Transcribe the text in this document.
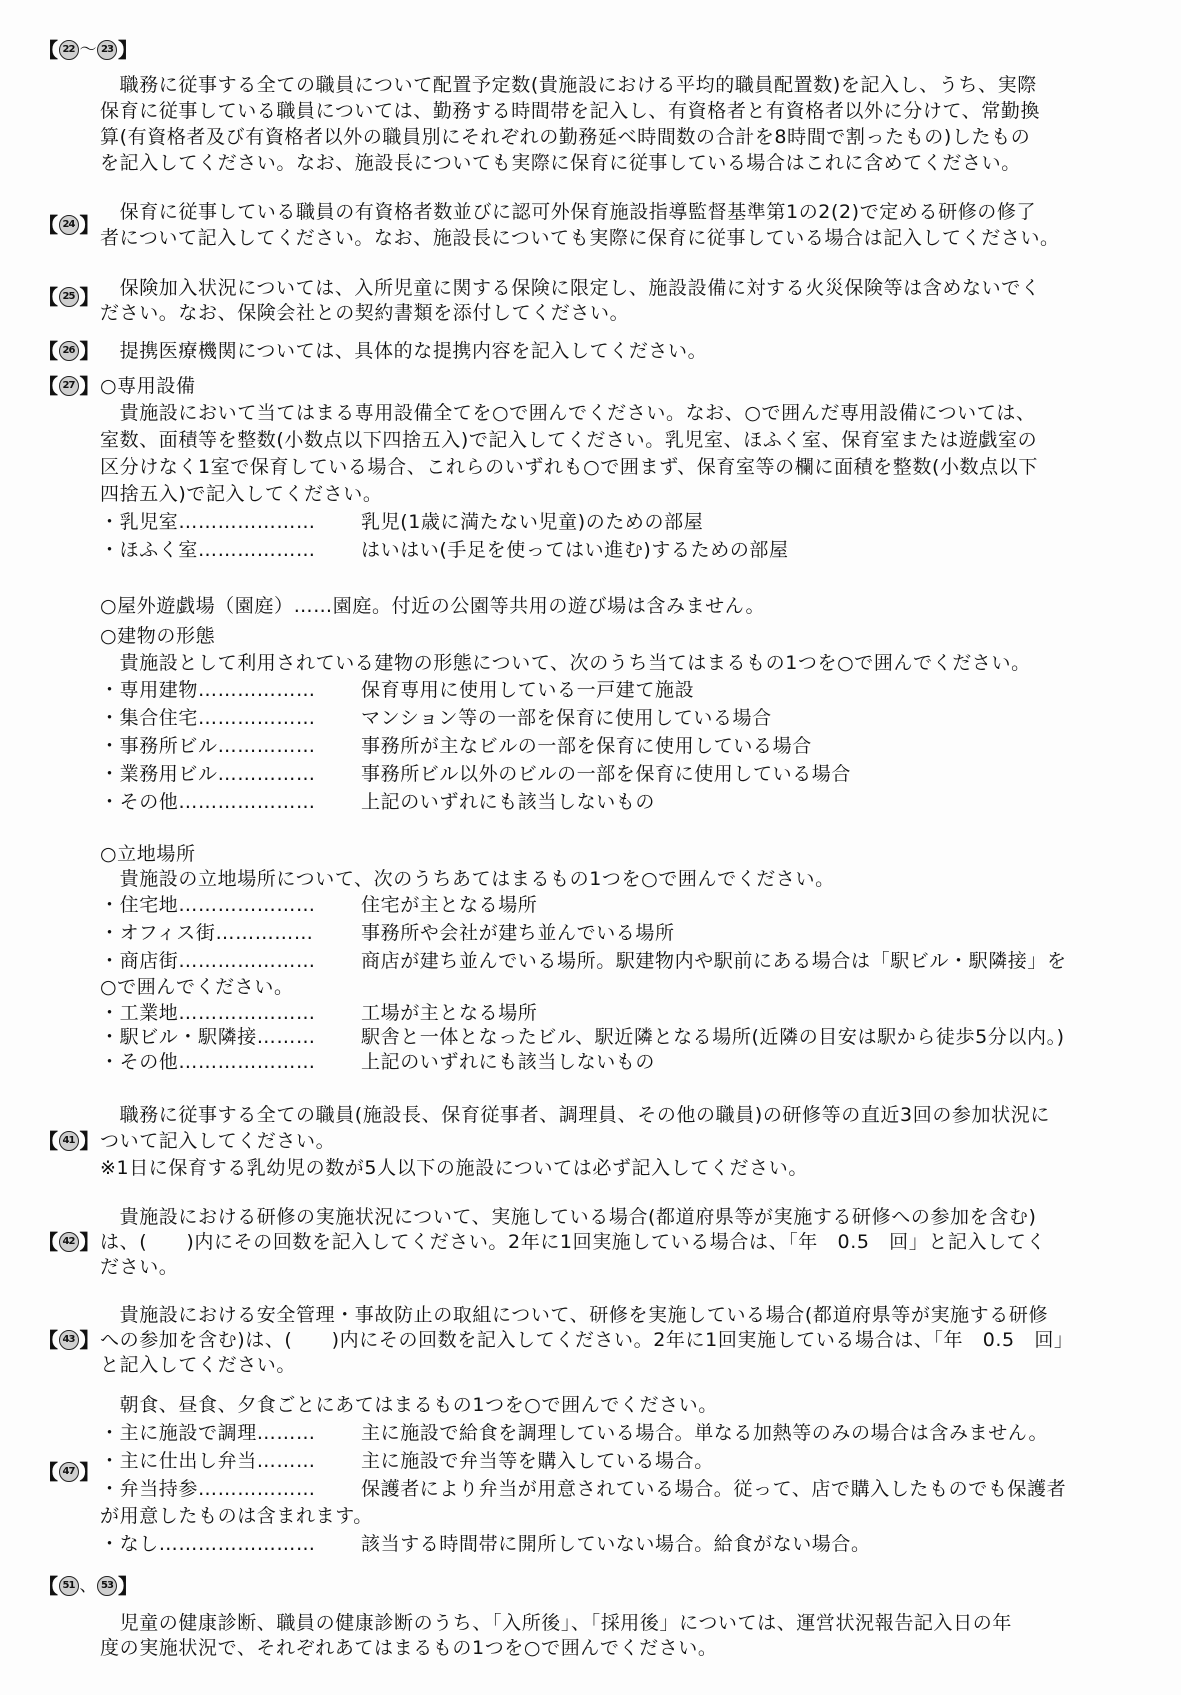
【 22 ～ 23 】
　職務に従事する全ての職員について配置予定数(貴施設における平均的職員配置数)を記入し、うち、実際
保育に従事している職員については、勤務する時間帯を記入し、有資格者と有資格者以外に分けて、常勤換
算(有資格者及び有資格者以外の職員別にそれぞれの勤務延べ時間数の合計を8時間で割ったもの)したもの
を記入してください。なお、施設長についても実際に保育に従事している場合はこれに含めてください。
【 24 】
　保育に従事している職員の有資格者数並びに認可外保育施設指導監督基準第1の2(2)で定める研修の修了
者について記入してください。なお、施設長についても実際に保育に従事している場合は記入してください。
【 25 】 　保険加入状況については、入所児童に関する保険に限定し、施設設備に対する火災保険等は含めないでく
ださい。なお、保険会社との契約書類を添付してください。
【 26 】 　提携医療機関については、具体的な提携内容を記入してください。
【 27 】 ○専用設備
　貴施設において当てはまる専用設備全てを○で囲んでください。なお、○で囲んだ専用設備については、
室数、面積等を整数(小数点以下四捨五入)で記入してください。乳児室、ほふく室、保育室または遊戯室の
区分けなく1室で保育している場合、これらのいずれも○で囲まず、保育室等の欄に面積を整数(小数点以下
四捨五入)で記入してください。
・乳児室………………… 乳児(1歳に満たない児童)のための部屋
・ほふく室……………… はいはい(手足を使ってはい進む)するための部屋
○屋外遊戯場（園庭）……園庭。付近の公園等共用の遊び場は含みません。
○建物の形態
　貴施設として利用されている建物の形態について、次のうち当てはまるもの1つを○で囲んでください。
・専用建物……………… 保育専用に使用している一戸建て施設
・集合住宅……………… マンション等の一部を保育に使用している場合
・事務所ビル…………… 事務所が主なビルの一部を保育に使用している場合
・業務用ビル…………… 事務所ビル以外のビルの一部を保育に使用している場合
・その他………………… 上記のいずれにも該当しないもの
○立地場所
　貴施設の立地場所について、次のうちあてはまるもの1つを○で囲んでください。
・住宅地………………… 住宅が主となる場所
・オフィス街…………… 事務所や会社が建ち並んでいる場所
・商店街………………… 商店が建ち並んでいる場所。駅建物内や駅前にある場合は「駅ビル・駅隣接」を
○で囲んでください。
・工業地………………… 工場が主となる場所
・駅ビル・駅隣接……… 駅舎と一体となったビル、駅近隣となる場所(近隣の目安は駅から徒歩5分以内。)
・その他………………… 上記のいずれにも該当しないもの
【 41 】
　職務に従事する全ての職員(施設長、保育従事者、調理員、その他の職員)の研修等の直近3回の参加状況に
ついて記入してください。
※1日に保育する乳幼児の数が5人以下の施設については必ず記入してください。
【 42 】
　貴施設における研修の実施状況について、実施している場合(都道府県等が実施する研修への参加を含む)
は、(　　)内にその回数を記入してください。2年に1回実施している場合は、「年　0.5　回」と記入してく
ださい。
【 43 】
　貴施設における安全管理・事故防止の取組について、研修を実施している場合(都道府県等が実施する研修
への参加を含む)は、(　　)内にその回数を記入してください。2年に1回実施している場合は、「年　0.5　回」
と記入してください。
【 47 】
　朝食、昼食、夕食ごとにあてはまるもの1つを○で囲んでください。
・主に施設で調理……… 主に施設で給食を調理している場合。単なる加熱等のみの場合は含みません。
・主に仕出し弁当……… 主に施設で弁当等を購入している場合。
・弁当持参……………… 保護者により弁当が用意されている場合。従って、店で購入したものでも保護者
が用意したものは含まれます。
・なし…………………… 該当する時間帯に開所していない場合。給食がない場合。
【 51 、 53 】
　児童の健康診断、職員の健康診断のうち、「入所後」、「採用後」については、運営状況報告記入日の年
度の実施状況で、それぞれあてはまるもの1つを○で囲んでください。
